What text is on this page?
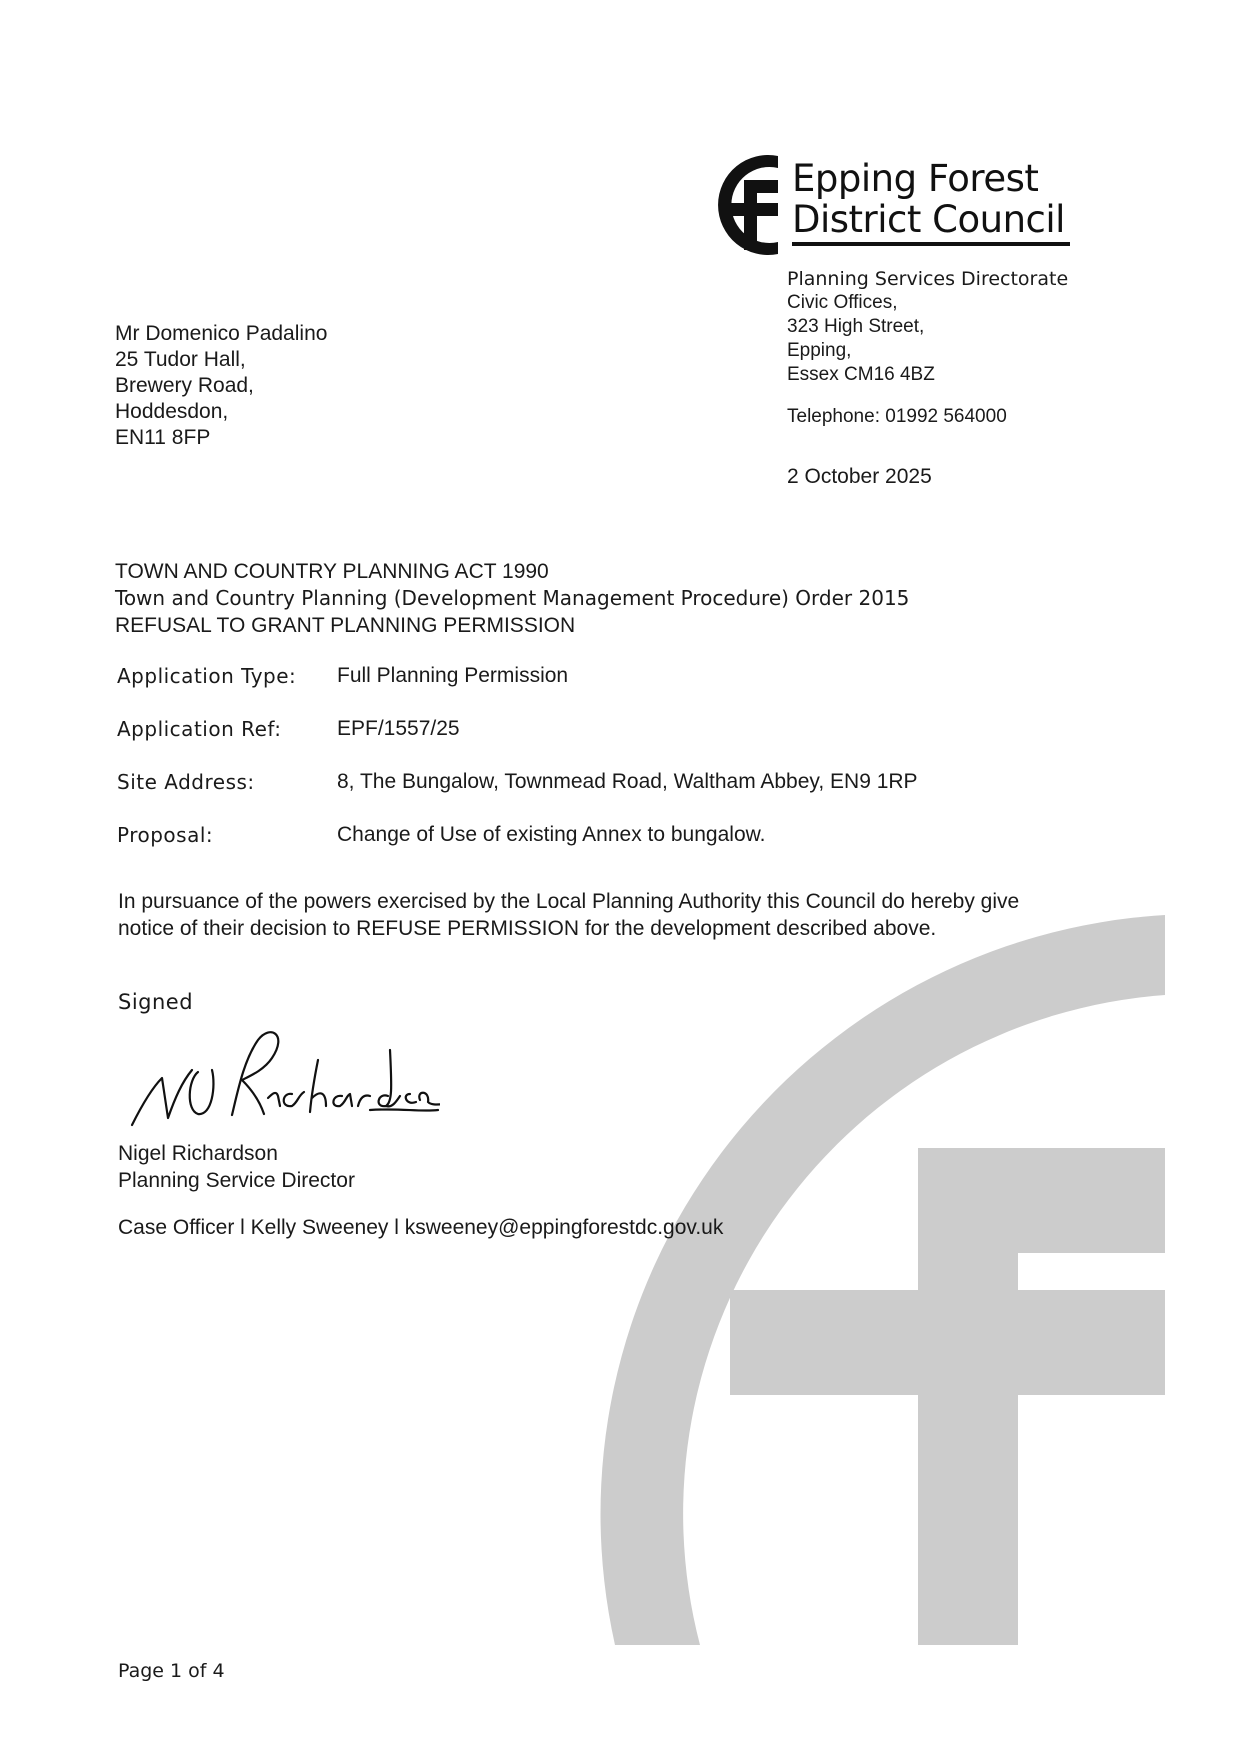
Epping Forest
District Council
Planning Services Directorate
Civic Offices,
323 High Street,
Epping,
Essex CM16 4BZ
Telephone: 01992 564000
2 October 2025
Mr Domenico Padalino
25 Tudor Hall,
Brewery Road,
Hoddesdon,
EN11 8FP
TOWN AND COUNTRY PLANNING ACT 1990
Town and Country Planning (Development Management Procedure) Order 2015
REFUSAL TO GRANT PLANNING PERMISSION
Application Type:	Full Planning Permission
Application Ref:	EPF/1557/25
Site Address:	8, The Bungalow, Townmead Road, Waltham Abbey, EN9 1RP
Proposal:	Change of Use of existing Annex to bungalow.
In pursuance of the powers exercised by the Local Planning Authority this Council do hereby give
notice of their decision to REFUSE PERMISSION for the development described above.
Signed
Nigel Richardson
Planning Service Director
Case Officer l Kelly Sweeney l ksweeney@eppingforestdc.gov.uk
Page 1 of 4
